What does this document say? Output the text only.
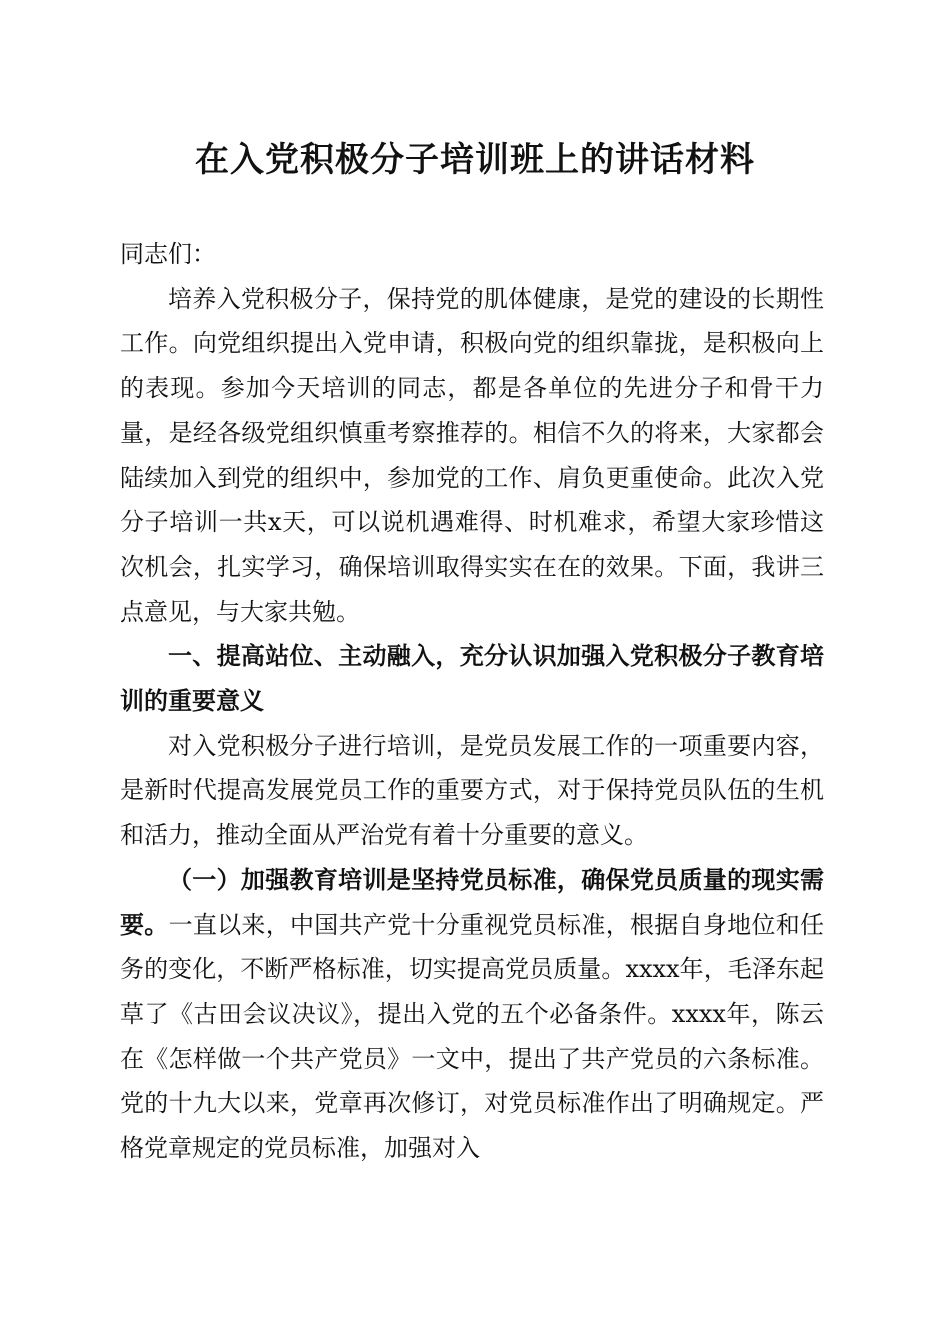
在入党积极分子培训班上的讲话材料

同志们：

培养入党积极分子，保持党的肌体健康，是党的建设的长期性工作。向党组织提出入党申请，积极向党的组织靠拢，是积极向上的表现。参加今天培训的同志，都是各单位的先进分子和骨干力量，是经各级党组织慎重考察推荐的。相信不久的将来，大家都会陆续加入到党的组织中，参加党的工作、肩负更重使命。此次入党分子培训一共x天，可以说机遇难得、时机难求，希望大家珍惜这次机会，扎实学习，确保培训取得实实在在的效果。下面，我讲三点意见，与大家共勉。

一、提高站位、主动融入，充分认识加强入党积极分子教育培训的重要意义

对入党积极分子进行培训，是党员发展工作的一项重要内容，是新时代提高发展党员工作的重要方式，对于保持党员队伍的生机和活力，推动全面从严治党有着十分重要的意义。

（一）加强教育培训是坚持党员标准，确保党员质量的现实需要。一直以来，中国共产党十分重视党员标准，根据自身地位和任务的变化，不断严格标准，切实提高党员质量。xxxx年，毛泽东起草了《古田会议决议》，提出入党的五个必备条件。xxxx年，陈云在《怎样做一个共产党员》一文中，提出了共产党员的六条标准。党的十九大以来，党章再次修订，对党员标准作出了明确规定。严格党章规定的党员标准，加强对入
